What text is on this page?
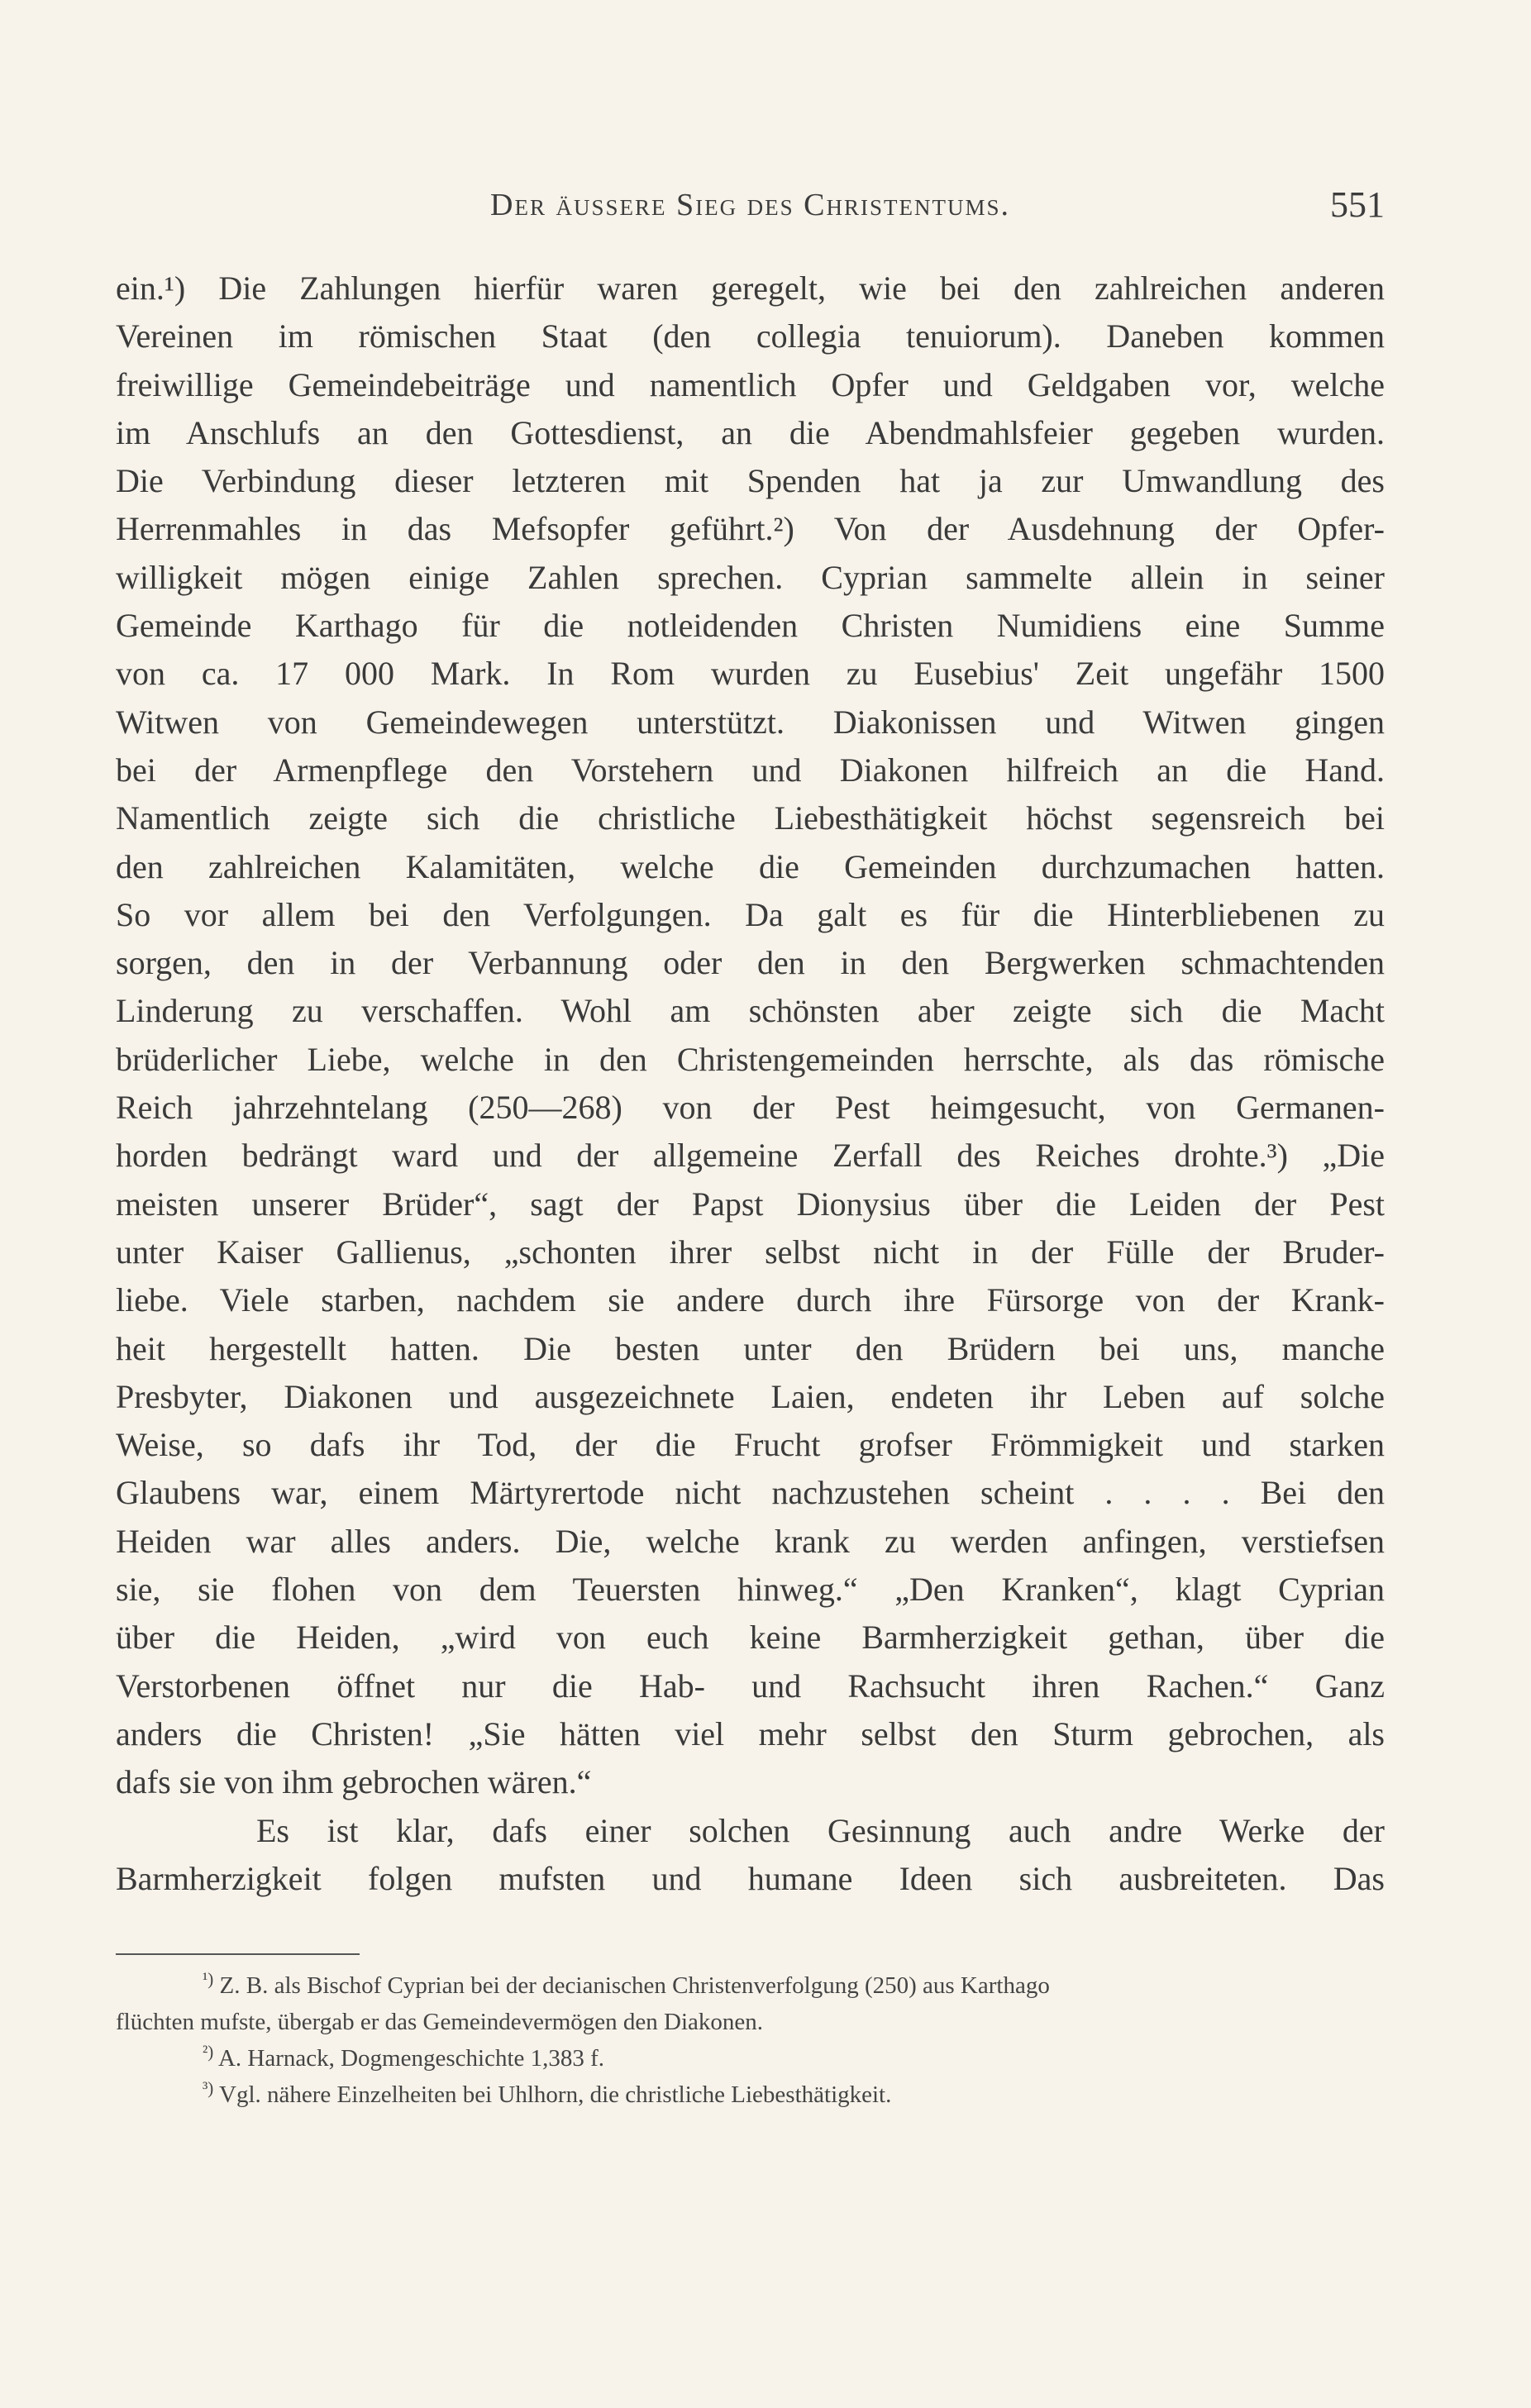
Der äussere Sieg des Christentums.	551
ein.¹) Die Zahlungen hierfür waren geregelt, wie bei den zahlreichen anderen
Vereinen im römischen Staat (den collegia tenuiorum). Daneben kommen
freiwillige Gemeindebeiträge und namentlich Opfer und Geldgaben vor, welche
im Anschlufs an den Gottesdienst, an die Abendmahlsfeier gegeben wurden.
Die Verbindung dieser letzteren mit Spenden hat ja zur Umwandlung des
Herrenmahles in das Mefsopfer geführt.²) Von der Ausdehnung der Opfer-
willigkeit mögen einige Zahlen sprechen. Cyprian sammelte allein in seiner
Gemeinde Karthago für die notleidenden Christen Numidiens eine Summe
von ca. 17 000 Mark. In Rom wurden zu Eusebius' Zeit ungefähr 1500
Witwen von Gemeindewegen unterstützt. Diakonissen und Witwen gingen
bei der Armenpflege den Vorstehern und Diakonen hilfreich an die Hand.
Namentlich zeigte sich die christliche Liebesthätigkeit höchst segensreich bei
den zahlreichen Kalamitäten, welche die Gemeinden durchzumachen hatten.
So vor allem bei den Verfolgungen. Da galt es für die Hinterbliebenen zu
sorgen, den in der Verbannung oder den in den Bergwerken schmachtenden
Linderung zu verschaffen. Wohl am schönsten aber zeigte sich die Macht
brüderlicher Liebe, welche in den Christengemeinden herrschte, als das römische
Reich jahrzehntelang (250—268) von der Pest heimgesucht, von Germanen-
horden bedrängt ward und der allgemeine Zerfall des Reiches drohte.³) „Die
meisten unserer Brüder“, sagt der Papst Dionysius über die Leiden der Pest
unter Kaiser Gallienus, „schonten ihrer selbst nicht in der Fülle der Bruder-
liebe. Viele starben, nachdem sie andere durch ihre Fürsorge von der Krank-
heit hergestellt hatten. Die besten unter den Brüdern bei uns, manche
Presbyter, Diakonen und ausgezeichnete Laien, endeten ihr Leben auf solche
Weise, so dafs ihr Tod, der die Frucht grofser Frömmigkeit und starken
Glaubens war, einem Märtyrertode nicht nachzustehen scheint . . . . Bei den
Heiden war alles anders. Die, welche krank zu werden anfingen, verstiefsen
sie, sie flohen von dem Teuersten hinweg.“ „Den Kranken“, klagt Cyprian
über die Heiden, „wird von euch keine Barmherzigkeit gethan, über die
Verstorbenen öffnet nur die Hab- und Rachsucht ihren Rachen.“ Ganz
anders die Christen! „Sie hätten viel mehr selbst den Sturm gebrochen, als
dafs sie von ihm gebrochen wären.“
Es ist klar, dafs einer solchen Gesinnung auch andre Werke der
Barmherzigkeit folgen mufsten und humane Ideen sich ausbreiteten. Das
$^{^1)}$ Z. B. als Bischof Cyprian bei der decianischen Christenverfolgung (250) aus Karthago
flüchten mufste, übergab er das Gemeindevermögen den Diakonen.
$^{^2)}$ A. Harnack, Dogmengeschichte 1,383 f.
$^{^3)}$ Vgl. nähere Einzelheiten bei Uhlhorn, die christliche Liebesthätigkeit.
